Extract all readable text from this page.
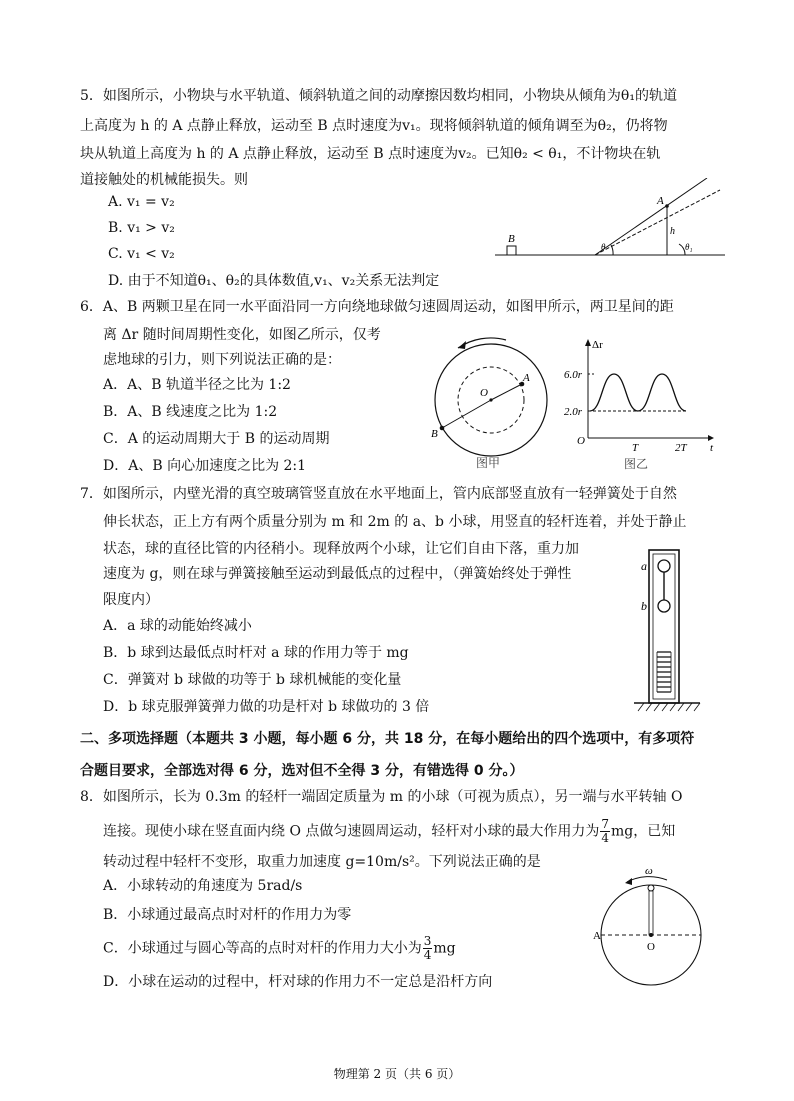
5．如图所示，小物块与水平轨道、倾斜轨道之间的动摩擦因数均相同，小物块从倾角为θ₁的轨道
上高度为 h 的 A 点静止释放，运动至 B 点时速度为v₁。现将倾斜轨道的倾角调至为θ₂，仍将物
块从轨道上高度为 h 的 A 点静止释放，运动至 B 点时速度为v₂。已知θ₂ < θ₁，不计物块在轨
道接触处的机械能损失。则
A. v₁ = v₂
B. v₁ > v₂
C. v₁ < v₂
D. 由于不知道θ₁、θ₂的具体数值,v₁、v₂关系无法判定
B
A
h
θ	θ₁
6．A、B 两颗卫星在同一水平面沿同一方向绕地球做匀速圆周运动，如图甲所示，两卫星间的距
离 Δr 随时间周期性变化，如图乙所示，仅考
虑地球的引力，则下列说法正确的是：
A．A、B 轨道半径之比为 1:2
B．A、B 线速度之比为 1:2
C．A 的运动周期大于 B 的运动周期
D．A、B 向心加速度之比为 2:1
O
A
B
图甲
Δr
6.0r
2.0r
O
T	2T t
图乙
7．如图所示，内壁光滑的真空玻璃管竖直放在水平地面上，管内底部竖直放有一轻弹簧处于自然
伸长状态，正上方有两个质量分别为 m 和 2m 的 a、b 小球，用竖直的轻杆连着，并处于静止
状态，球的直径比管的内径稍小。现释放两个小球，让它们自由下落，重力加
速度为 g，则在球与弹簧接触至运动到最低点的过程中，（弹簧始终处于弹性
限度内）
A．a 球的动能始终减小
B．b 球到达最低点时杆对 a 球的作用力等于 mg
C．弹簧对 b 球做的功等于 b 球机械能的变化量
D．b 球克服弹簧弹力做的功是杆对 b 球做功的 3 倍
a
b
二、多项选择题（本题共 3 小题，每小题 6 分，共 18 分，在每小题给出的四个选项中，有多项符
合题目要求，全部选对得 6 分，选对但不全得 3 分，有错选得 0 分。）
8．如图所示，长为 0.3m 的轻杆一端固定质量为 m 的小球（可视为质点），另一端与水平转轴 O
连接。现使小球在竖直面内绕 O 点做匀速圆周运动，轻杆对小球的最大作用力为 $\frac{7}{4}$ mg，已知
转动过程中轻杆不变形，取重力加速度 g=10m/s²。下列说法正确的是
A．小球转动的角速度为 5rad/s
B．小球通过最高点时对杆的作用力为零
C．小球通过与圆心等高的点时对杆的作用力大小为 $\frac{3}{4}$ mg
D．小球在运动的过程中，杆对球的作用力不一定总是沿杆方向
ω
O
A
物理第 2 页（共 6 页）
